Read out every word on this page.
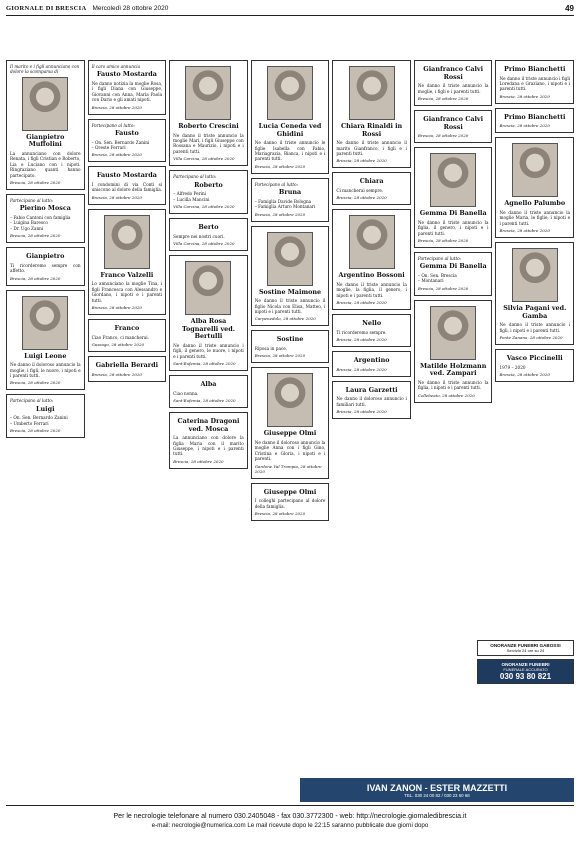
GIORNALE DI BRESCIA Mercoledì 28 ottobre 2020	49
Il marito e i figli annunciano con dolore la scomparsa di
Gianpietro Muffolini
La annunciano con dolore Renata, i figli Cristian e Roberto, Lia e Luciano con i nipoti. Ringraziano quanti hanno partecipato.
Brescia, 28 ottobre 2020
Partecipano al lutto:
Pierino Mosca
– Fabio Cantoni con famiglia
– Luigina Baresco
– Dr. Ugo Zanni
Brescia, 28 ottobre 2020
Gianpietro
Ti ricorderemo sempre con affetto.
Brescia, 28 ottobre 2020
Luigi Leone
Ne danno il doloroso annuncio la moglie, i figli, le nuore, i nipoti e i parenti tutti.
Brescia, 28 ottobre 2020
Partecipano al lutto:
Luigi
– On. Sen. Bernardo Zanini
– Umberto Ferrari
Brescia, 28 ottobre 2020
Il caro amico annuncia
Fausto Mostarda
Ne danno notizia la moglie Rosa, i figli Diana con Giuseppe, Giovanni con Anna, Maria Paola con Dario e gli amati nipoti.
Brescia, 28 ottobre 2020
Partecipano al lutto:
Fausto
– On. Sen. Bernardo Zanini
– Oreste Ferrari
Brescia, 28 ottobre 2020
Fausto Mostarda
I condomini di via Conti si uniscono al dolore della famiglia.
Brescia, 28 ottobre 2020
Franco Valzelli
Lo annunciano la moglie Tina, i figli Francesca con Alessandro e Giordano, i nipoti e i parenti tutti.
Brescia, 28 ottobre 2020
Franco
Ciao Franco, ci mancherai.
Gussago, 28 ottobre 2020
Gabriella Berardi
Brescia, 28 ottobre 2020
Roberto Crescini
Ne danno il triste annuncio la moglie Marì, i figli Giuseppe con Rossana e Maurizio, i nipoti e i parenti tutti.
Villa Carcina, 28 ottobre 2020
Partecipano al lutto:
Roberto
– Alfredo Perini
– Lucilla Mancini
Villa Carcina, 28 ottobre 2020
Berto
Sempre nei nostri cuori.
Villa Carcina, 28 ottobre 2020
Alba Rosa Tognarelli ved. Bertulli
Ne danno il triste annuncio i figli, il genero, le nuore, i nipoti e i parenti tutti.
Sant'Eufemia, 28 ottobre 2020
Alba
Ciao nonna.
Sant'Eufemia, 28 ottobre 2020
Caterina Dragoni ved. Mosca
La annunciano con dolore la figlia Maria con il marito Giuseppe, i nipoti e i parenti tutti.
Brescia, 28 ottobre 2020
Lucia Ceneda ved Ghidini
Ne danno il triste annuncio le figlie Isabella con Fabio, Mariagrazia, Bianca, i nipoti e i parenti tutti.
Brescia, 28 ottobre 2020
Partecipano al lutto:
Bruna
– Famiglia Davide Bologna
– Famiglia Arturo Montanari
Brescia, 28 ottobre 2020
Sostine Maimone
Ne danno il triste annuncio il figlio Nicola con Elisa, Matteo, i nipoti e i parenti tutti.
Carpenedolo, 28 ottobre 2020
Sostine
Riposa in pace.
Brescia, 28 ottobre 2020
Giuseppe Olmi
Ne danno il doloroso annuncio la moglie Anna con i figli Gino, Cristina e Gloria, i nipoti e i parenti.
Gardone Val Trompia, 28 ottobre 2020
Giuseppe Olmi
I colleghi partecipano al dolore della famiglia.
Brescia, 28 ottobre 2020
Chiara Rinaldi in Rossi
Ne danno il triste annuncio il marito Gianfranco, i figli e i parenti tutti.
Brescia, 28 ottobre 2020
Chiara
Ci mancherai sempre.
Brescia, 28 ottobre 2020
Argentino Bossoni
Ne danno il triste annuncio la moglie, la figlia, il genero, i nipoti e i parenti tutti.
Brescia, 28 ottobre 2020
Nello
Ti ricorderemo sempre.
Brescia, 28 ottobre 2020
Argentino
Brescia, 28 ottobre 2020
Laura Garzetti
Ne danno il doloroso annuncio i familiari tutti.
Brescia, 28 ottobre 2020
Gianfranco Calvi Rossi
Ne danno il triste annuncio la moglie, i figli e i parenti tutti.
Brescia, 28 ottobre 2020
Gianfranco Calvi Rossi
Brescia, 28 ottobre 2020
Gemma Di Banella
Ne danno il triste annuncio la figlia, il genero, i nipoti e i parenti tutti.
Brescia, 28 ottobre 2020
Partecipano al lutto:
Gemma Di Banella
– On. Sen. Brescia
– Montanari
Brescia, 28 ottobre 2020
Matilde Holzmann ved. Zampari
Ne danno il triste annuncio la figlia, i nipoti e i parenti tutti.
Collebeato, 28 ottobre 2020
Primo Bianchetti
Ne danno il triste annuncio i figli Loredana e Graziano, i nipoti e i parenti tutti.
Brescia, 28 ottobre 2020
Primo Bianchetti
Brescia, 28 ottobre 2020
Agnello Palumbo
Ne danno il triste annuncio la moglie Maria, le figlie, i nipoti e i parenti tutti.
Brescia, 28 ottobre 2020
Silvia Pagani ved. Gamba
Ne danno il triste annuncio i figli, i nipoti e i parenti tutti.
Ponte Zanano, 28 ottobre 2020
Vasco Piccinelli
1979 – 2020
Brescia, 28 ottobre 2020
ONORANZE FUNEBRI GABOSSI
Servizio 24 ore su 24
ONORANZE FUNEBRI
FUNERALE ACCURATO
030 93 80 821
IVAN ZANON - ESTER MAZZETTI
TEL. 030 24 00 82 / 030 23 60 68
Per le necrologie telefonare al numero 030.2405048 - fax 030.3772300 - web: http://necrologie.giornaledibrescia.it
e-mail: necrologie@numerica.com Le mail ricevute dopo le 22:15 saranno pubblicate due giorni dopo
